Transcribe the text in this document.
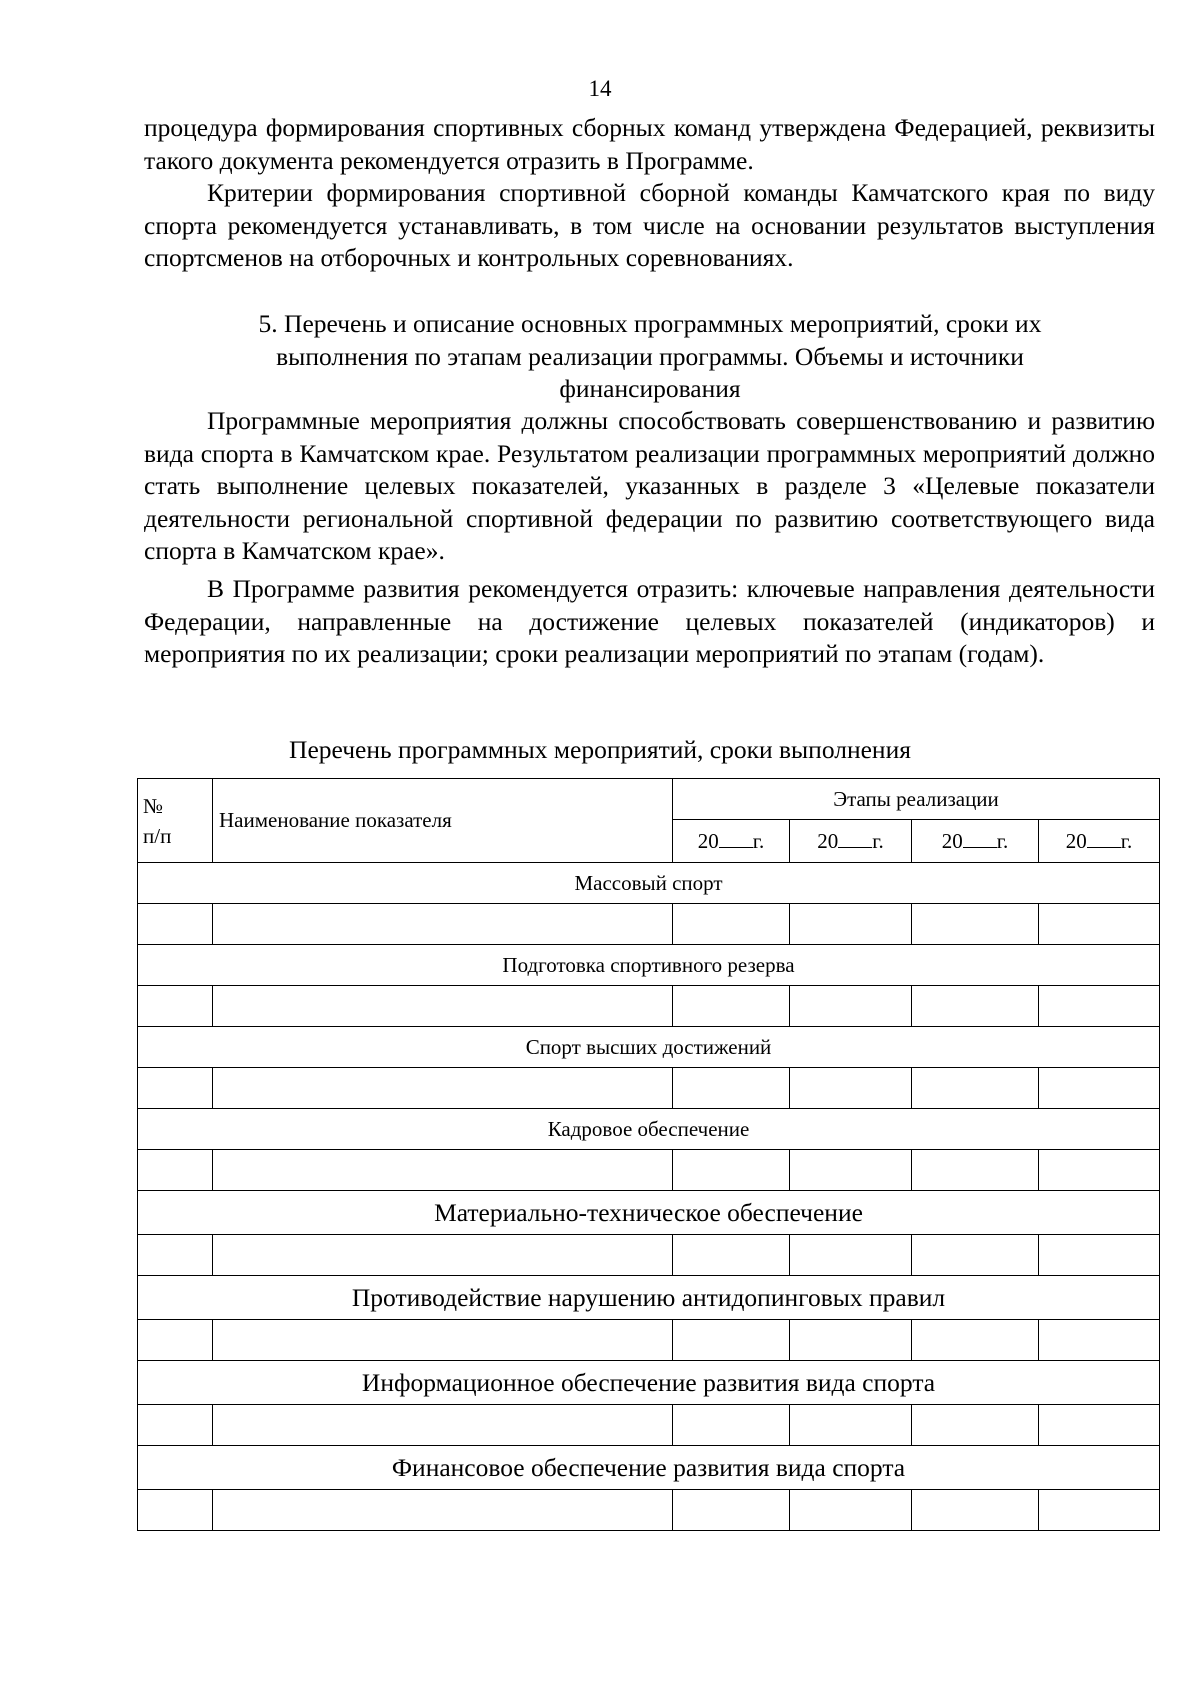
14

процедура формирования спортивных сборных команд утверждена Федерацией, реквизиты такого документа рекомендуется отразить в Программе.

Критерии формирования спортивной сборной команды Камчатского края по виду спорта рекомендуется устанавливать, в том числе на основании результатов выступления спортсменов на отборочных и контрольных соревнованиях.

5. Перечень и описание основных программных мероприятий, сроки их
выполнения по этапам реализации программы. Объемы и источники
финансирования

Программные мероприятия должны способствовать совершенствованию и развитию вида спорта в Камчатском крае. Результатом реализации программных мероприятий должно стать выполнение целевых показателей, указанных в разделе 3 «Целевые показатели деятельности региональной спортивной федерации по развитию соответствующего вида спорта в Камчатском крае».

В Программе развития рекомендуется отразить: ключевые направления деятельности Федерации, направленные на достижение целевых показателей (индикаторов) и мероприятия по их реализации; сроки реализации мероприятий по этапам (годам).

Перечень программных мероприятий, сроки выполнения
№
п/п	Наименование показателя	Этапы реализации			
		20 г.	20 г.	20 г.	20 г.
Массовый спорт					

Подготовка спортивного резерва					

Спорт высших достижений					

Кадровое обеспечение					

Материально-техническое обеспечение					

Противодействие нарушению антидопинговых правил					

Информационное обеспечение развития вида спорта					

Финансовое обеспечение развития вида спорта					
